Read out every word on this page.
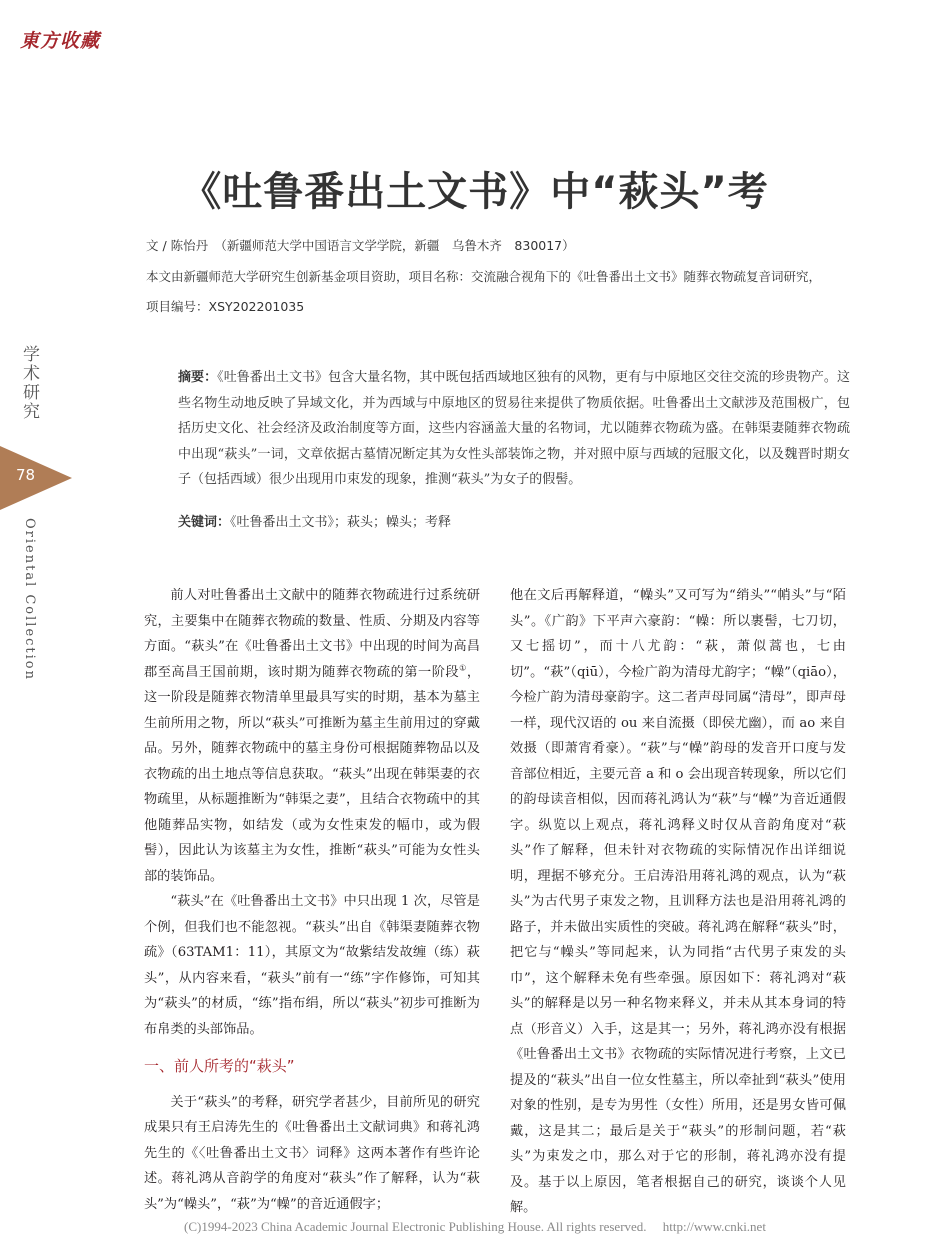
東方收藏
《吐鲁番出土文书》中“萩头”考
文 / 陈怡丹　（新疆师范大学中国语言文学学院，新疆　乌鲁木齐　830017）
本文由新疆师范大学研究生创新基金项目资助，项目名称：交流融合视角下的《吐鲁番出土文书》随葬衣物疏复音词研究，
项目编号：XSY202201035
学术研究
78
Oriental Collection
摘要：《吐鲁番出土文书》包含大量名物，其中既包括西域地区独有的风物，更有与中原地区交往交流的珍贵物产。这些名物生动地反映了异域文化，并为西域与中原地区的贸易往来提供了物质依据。吐鲁番出土文献涉及范围极广，包括历史文化、社会经济及政治制度等方面，这些内容涵盖大量的名物词，尤以随葬衣物疏为盛。在韩渠妻随葬衣物疏中出现“萩头”一词，文章依据古墓情况断定其为女性头部装饰之物，并对照中原与西域的冠服文化，以及魏晋时期女子（包括西域）很少出现用巾束发的现象，推测“萩头”为女子的假髻。
关键词：《吐鲁番出土文书》；萩头；幧头；考释

前人对吐鲁番出土文献中的随葬衣物疏进行过系统研究，主要集中在随葬衣物疏的数量、性质、分期及内容等方面。“萩头”在《吐鲁番出土文书》中出现的时间为高昌郡至高昌王国前期，该时期为随葬衣物疏的第一阶段①，这一阶段是随葬衣物清单里最具写实的时期，基本为墓主生前所用之物，所以“萩头”可推断为墓主生前用过的穿戴品。另外，随葬衣物疏中的墓主身份可根据随葬物品以及衣物疏的出土地点等信息获取。“萩头”出现在韩渠妻的衣物疏里，从标题推断为“韩渠之妻”，且结合衣物疏中的其他随葬品实物，如结发（或为女性束发的幅巾，或为假髻），因此认为该墓主为女性，推断“萩头”可能为女性头部的装饰品。

“萩头”在《吐鲁番出土文书》中只出现 1 次，尽管是个例，但我们也不能忽视。“萩头”出自《韩渠妻随葬衣物疏》（63TAM1：11），其原文为“故紫结发故缠（练）萩头”，从内容来看，“萩头”前有一“练”字作修饰，可知其为“萩头”的材质，“练”指布绢，所以“萩头”初步可推断为布帛类的头部饰品。

一、前人所考的“萩头”

关于“萩头”的考释，研究学者甚少，目前所见的研究成果只有王启涛先生的《吐鲁番出土文献词典》和蒋礼鸿先生的《〈吐鲁番出土文书〉词释》这两本著作有些许论述。蒋礼鸿从音韵学的角度对“萩头”作了解释，认为“萩头”为“幧头”，“萩”为“幧”的音近通假字；

他在文后再解释道，“幧头”又可写为“绡头”“帩头”与“陌头”。《广韵》下平声六豪韵：“幧：所以裹髻，七刀切，又七摇切”，而十八尤韵：“萩，萧似蒿也，七由切”。“萩”（qiū），今检广韵为清母尤韵字；“幧”（qiāo），今检广韵为清母豪韵字。这二者声母同属“清母”，即声母一样，现代汉语的 ou 来自流摄（即侯尤幽），而 ao 来自效摄（即萧宵肴豪）。“萩”与“幧”韵母的发音开口度与发音部位相近，主要元音 a 和 o 会出现音转现象，所以它们的韵母读音相似，因而蒋礼鸿认为“萩”与“幧”为音近通假字。纵览以上观点，蒋礼鸿释义时仅从音韵角度对“萩头”作了解释，但未针对衣物疏的实际情况作出详细说明，理据不够充分。王启涛沿用蒋礼鸿的观点，认为“萩头”为古代男子束发之物，且训释方法也是沿用蒋礼鸿的路子，并未做出实质性的突破。蒋礼鸿在解释“萩头”时，把它与“幧头”等同起来，认为同指“古代男子束发的头巾”，这个解释未免有些牵强。原因如下：蒋礼鸿对“萩头”的解释是以另一种名物来释义，并未从其本身词的特点（形音义）入手，这是其一；另外，蒋礼鸿亦没有根据《吐鲁番出土文书》衣物疏的实际情况进行考察，上文已提及的“萩头”出自一位女性墓主，所以牵扯到“萩头”使用对象的性别，是专为男性（女性）所用，还是男女皆可佩戴，这是其二；最后是关于“萩头”的形制问题，若“萩头”为束发之巾，那么对于它的形制，蒋礼鸿亦没有提及。基于以上原因，笔者根据自己的研究，谈谈个人见解。

(C)1994-2023 China Academic Journal Electronic Publishing House. All rights reserved.　 http://www.cnki.net
